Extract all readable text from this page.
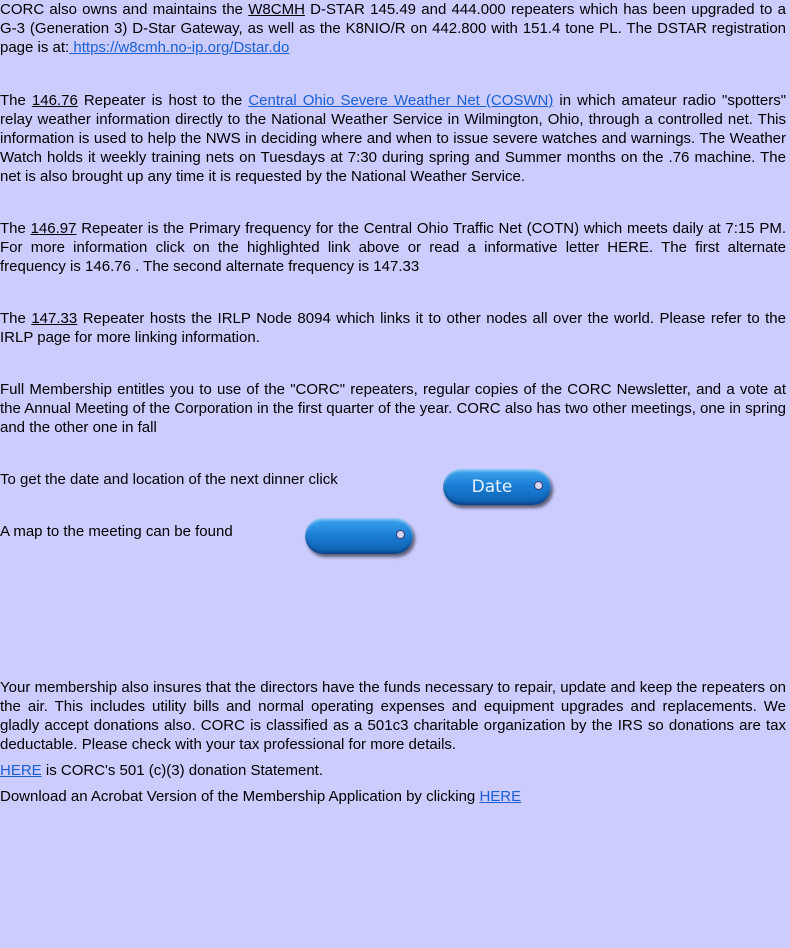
CORC also owns and maintains the W8CMH D-STAR 145.49 and 444.000 repeaters which has been upgraded to a G-3 (Generation 3) D-Star Gateway, as well as the K8NIO/R on 442.800 with 151.4 tone PL. The DSTAR registration page is at: https://w8cmh.no-ip.org/Dstar.do

The 146.76 Repeater is host to the Central Ohio Severe Weather Net (COSWN) in which amateur radio "spotters" relay weather information directly to the National Weather Service in Wilmington, Ohio, through a controlled net. This information is used to help the NWS in deciding where and when to issue severe watches and warnings. The Weather Watch holds it weekly training nets on Tuesdays at 7:30 during spring and Summer months on the .76 machine. The net is also brought up any time it is requested by the National Weather Service.

The 146.97 Repeater is the Primary frequency for the Central Ohio Traffic Net (COTN) which meets daily at 7:15 PM. For more information click on the highlighted link above or read a informative letter HERE. The first alternate frequency is 146.76 . The second alternate frequency is 147.33

The 147.33 Repeater hosts the IRLP Node 8094 which links it to other nodes all over the world. Please refer to the IRLP page for more linking information.

Full Membership entitles you to use of the "CORC" repeaters, regular copies of the CORC Newsletter, and a vote at the Annual Meeting of the Corporation in the first quarter of the year. CORC also has two other meetings, one in spring and the other one in fall

To get the date and location of the next dinner click	Date

A map to the meeting can be found

Your membership also insures that the directors have the funds necessary to repair, update and keep the repeaters on the air. This includes utility bills and normal operating expenses and equipment upgrades and replacements. We gladly accept donations also. CORC is classified as a 501c3 charitable organization by the IRS so donations are tax deductable. Please check with your tax professional for more details.

HERE is CORC's 501 (c)(3) donation Statement.

Download an Acrobat Version of the Membership Application by clicking HERE
